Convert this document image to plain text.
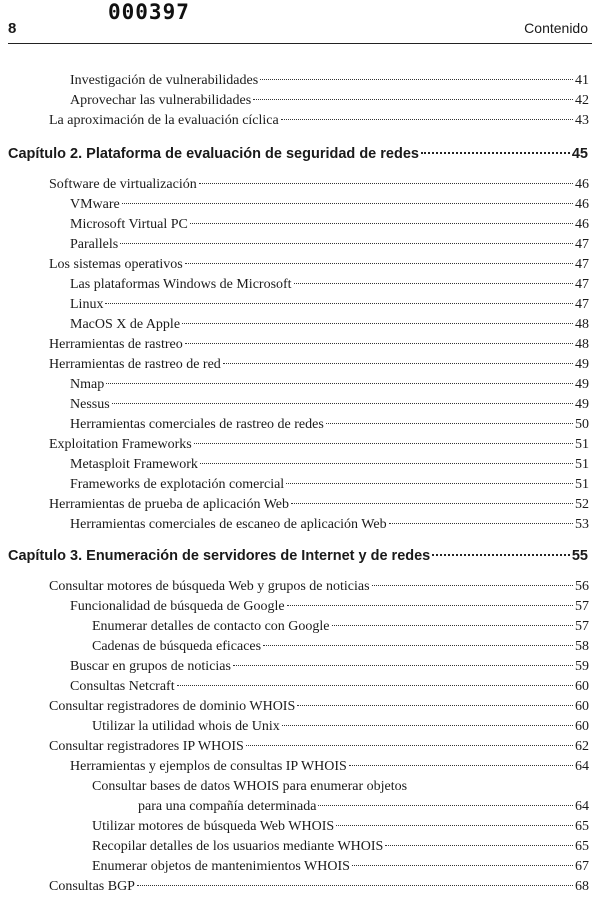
000397
8	Contenido
Investigación de vulnerabilidades	41
Aprovechar las vulnerabilidades	42
La aproximación de la evaluación cíclica	43
Capítulo 2. Plataforma de evaluación de seguridad de redes	45
Software de virtualización	46
VMware	46
Microsoft Virtual PC	46
Parallels	47
Los sistemas operativos	47
Las plataformas Windows de Microsoft	47
Linux	47
MacOS X de Apple	48
Herramientas de rastreo	48
Herramientas de rastreo de red	49
Nmap	49
Nessus	49
Herramientas comerciales de rastreo de redes	50
Exploitation Frameworks	51
Metasploit Framework	51
Frameworks de explotación comercial	51
Herramientas de prueba de aplicación Web	52
Herramientas comerciales de escaneo de aplicación Web	53
Capítulo 3. Enumeración de servidores de Internet y de redes	55
Consultar motores de búsqueda Web y grupos de noticias	56
Funcionalidad de búsqueda de Google	57
Enumerar detalles de contacto con Google	57
Cadenas de búsqueda eficaces	58
Buscar en grupos de noticias	59
Consultas Netcraft	60
Consultar registradores de dominio WHOIS	60
Utilizar la utilidad whois de Unix	60
Consultar registradores IP WHOIS	62
Herramientas y ejemplos de consultas IP WHOIS	64
Consultar bases de datos WHOIS para enumerar objetos
para una compañía determinada	64
Utilizar motores de búsqueda Web WHOIS	65
Recopilar detalles de los usuarios mediante WHOIS	65
Enumerar objetos de mantenimientos WHOIS	67
Consultas BGP	68
